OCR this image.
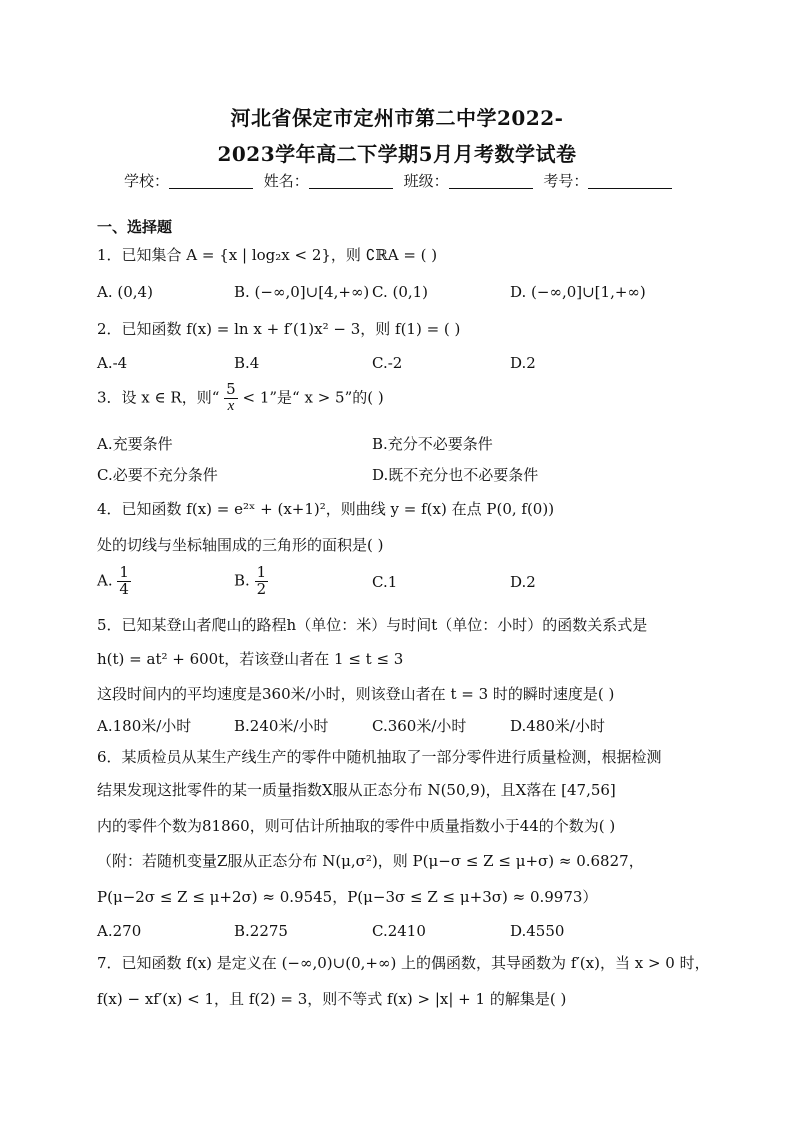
河北省保定市定州市第二中学2022-
2023学年高二下学期5月月考数学试卷
学校：	姓名：	班级：	考号：
一、选择题
1．已知集合 A = {x | log₂x < 2}，则 ∁ℝA = ( )
A. (0,4)	B. (−∞,0]∪[4,+∞) C. (0,1)	D. (−∞,0]∪[1,+∞)
2．已知函数 f(x) = ln x + f′(1)x² − 3，则 f(1) = ( )
A.-4	B.4	C.-2	D.2
3．设 x ∈ R，则“ $\frac{5}{x} < 1$”是“ x > 5”的( )
A.充要条件	B.充分不必要条件
C.必要不充分条件	D.既不充分也不必要条件
4．已知函数 f(x) = e²ˣ + (x+1)²，则曲线 y = f(x) 在点 P(0, f(0))
处的切线与坐标轴围成的三角形的面积是( )
A. $\frac{1}{4}$	B. $\frac{1}{2}$	C.1	D.2
5．已知某登山者爬山的路程h（单位：米）与时间t（单位：小时）的函数关系式是
h(t) = at² + 600t，若该登山者在 1 ≤ t ≤ 3
这段时间内的平均速度是360米/小时，则该登山者在 t = 3 时的瞬时速度是( )
A.180米/小时	B.240米/小时	C.360米/小时	D.480米/小时
6．某质检员从某生产线生产的零件中随机抽取了一部分零件进行质量检测，根据检测
结果发现这批零件的某一质量指数X服从正态分布 N(50,9)，且X落在 [47,56]
内的零件个数为81860，则可估计所抽取的零件中质量指数小于44的个数为( )
（附：若随机变量Z服从正态分布 N(μ,σ²)，则 P(μ−σ ≤ Z ≤ μ+σ) ≈ 0.6827，
P(μ−2σ ≤ Z ≤ μ+2σ) ≈ 0.9545，P(μ−3σ ≤ Z ≤ μ+3σ) ≈ 0.9973）
A.270	B.2275	C.2410	D.4550
7．已知函数 f(x) 是定义在 (−∞,0)∪(0,+∞) 上的偶函数，其导函数为 f′(x)，当 x > 0 时，
f(x) − xf′(x) < 1，且 f(2) = 3，则不等式 f(x) > |x| + 1 的解集是( )
